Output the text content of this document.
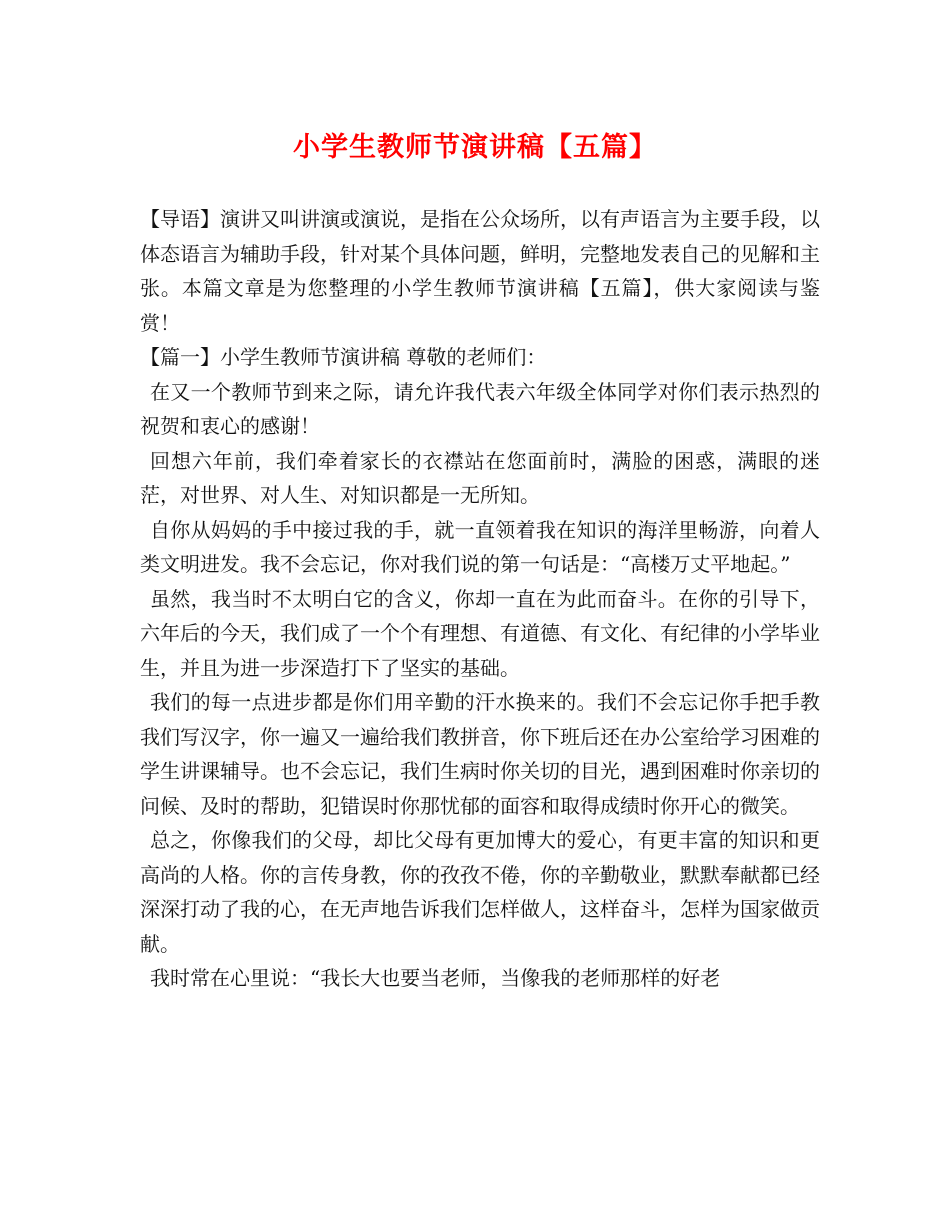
小学生教师节演讲稿【五篇】

【导语】演讲又叫讲演或演说，是指在公众场所，以有声语言为主要手段，以体态语言为辅助手段，针对某个具体问题，鲜明，完整地发表自己的见解和主张。本篇文章是为您整理的小学生教师节演讲稿【五篇】，供大家阅读与鉴赏！

【篇一】小学生教师节演讲稿 尊敬的老师们：

在又一个教师节到来之际，请允许我代表六年级全体同学对你们表示热烈的祝贺和衷心的感谢！

回想六年前，我们牵着家长的衣襟站在您面前时，满脸的困惑，满眼的迷茫，对世界、对人生、对知识都是一无所知。

自你从妈妈的手中接过我的手，就一直领着我在知识的海洋里畅游，向着人类文明进发。我不会忘记，你对我们说的第一句话是：“高楼万丈平地起。”

虽然，我当时不太明白它的含义，你却一直在为此而奋斗。在你的引导下，六年后的今天，我们成了一个个有理想、有道德、有文化、有纪律的小学毕业生，并且为进一步深造打下了坚实的基础。

我们的每一点进步都是你们用辛勤的汗水换来的。我们不会忘记你手把手教我们写汉字，你一遍又一遍给我们教拼音，你下班后还在办公室给学习困难的学生讲课辅导。也不会忘记，我们生病时你关切的目光，遇到困难时你亲切的问候、及时的帮助，犯错误时你那忧郁的面容和取得成绩时你开心的微笑。

总之，你像我们的父母，却比父母有更加博大的爱心，有更丰富的知识和更高尚的人格。你的言传身教，你的孜孜不倦，你的辛勤敬业，默默奉献都已经深深打动了我的心，在无声地告诉我们怎样做人，这样奋斗，怎样为国家做贡献。

我时常在心里说：“我长大也要当老师，当像我的老师那样的好老
